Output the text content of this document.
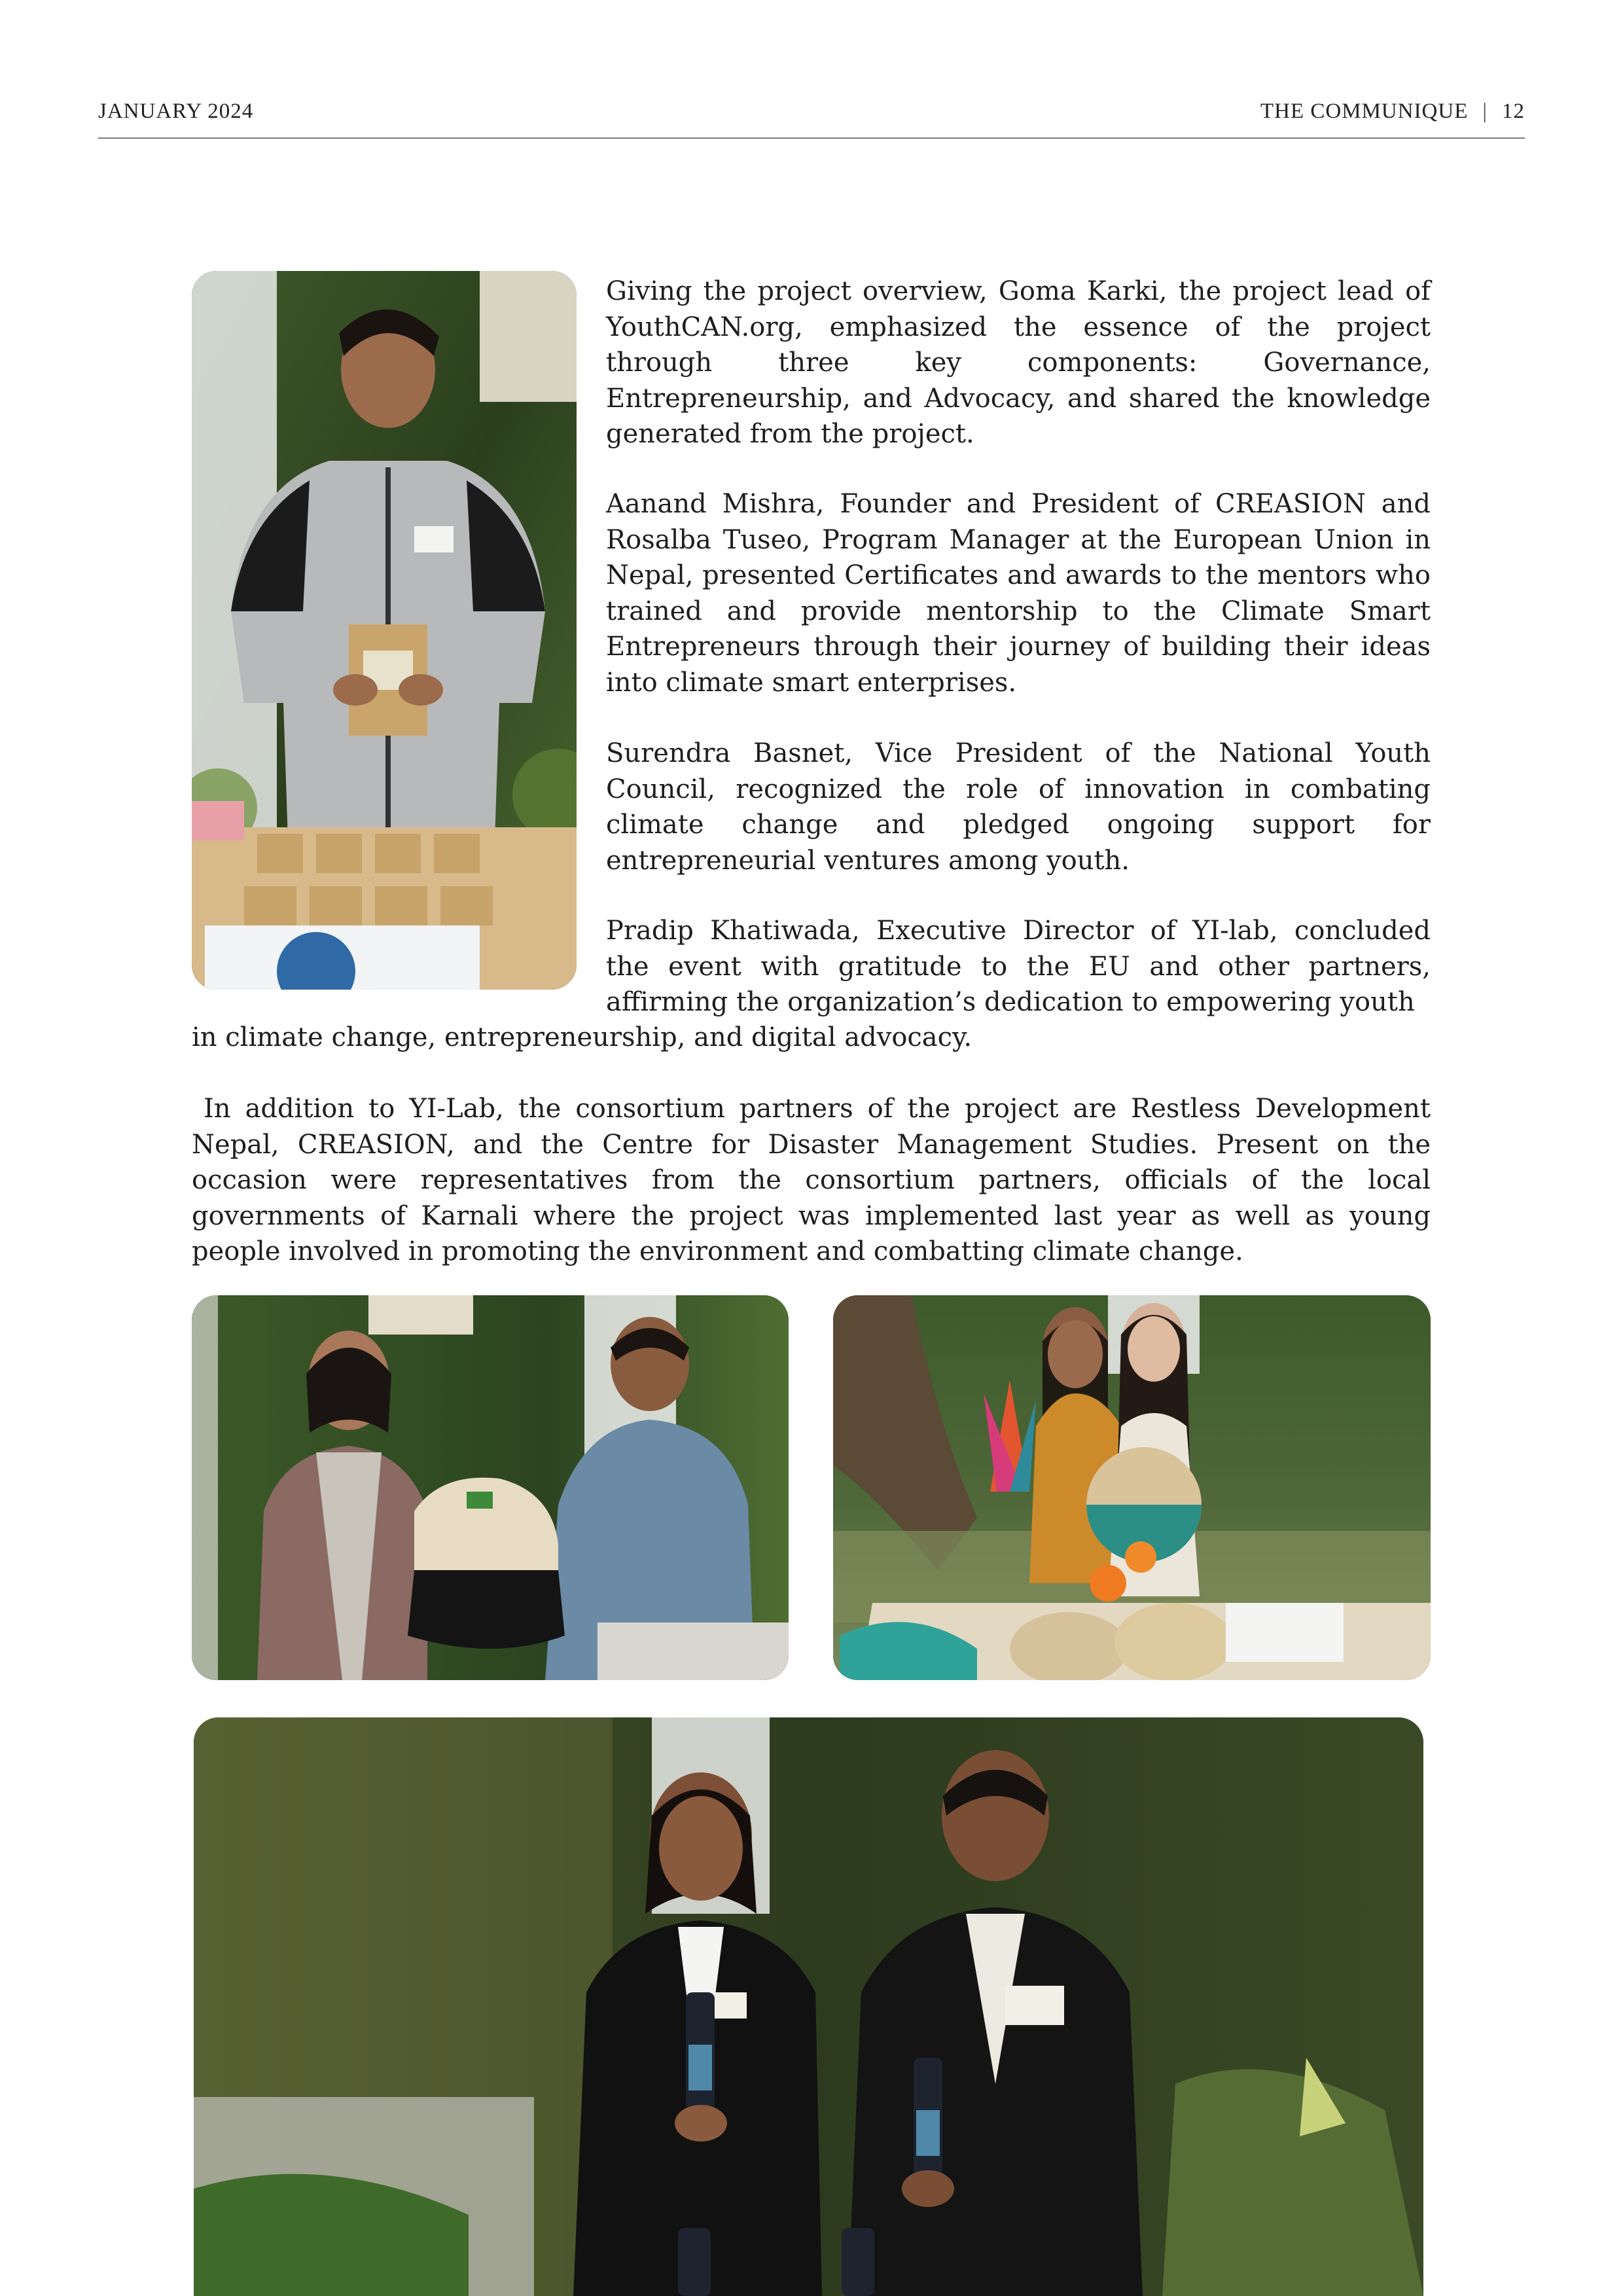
JANUARY 2024	THE COMMUNIQUE | 12

Giving the project overview, Goma Karki, the project lead of YouthCAN.org, emphasized the essence of the project through three key components: Governance, Entrepreneurship, and Advocacy, and shared the knowledge generated from the project.

Aanand Mishra, Founder and President of CREASION and Rosalba Tuseo, Program Manager at the European Union in Nepal, presented Certificates and awards to the mentors who trained and provide mentorship to the Climate Smart Entrepreneurs through their journey of building their ideas into climate smart enterprises.

Surendra Basnet, Vice President of the National Youth Council, recognized the role of innovation in combating climate change and pledged ongoing support for entrepreneurial ventures among youth.

Pradip Khatiwada, Executive Director of YI-lab, concluded the event with gratitude to the EU and other partners, affirming the organization’s dedication to empowering youth

in climate change, entrepreneurship, and digital advocacy.

In addition to YI-Lab, the consortium partners of the project are Restless Development Nepal, CREASION, and the Centre for Disaster Management Studies. Present on the occasion were representatives from the consortium partners, officials of the local governments of Karnali where the project was implemented last year as well as young people involved in promoting the environment and combatting climate change.
